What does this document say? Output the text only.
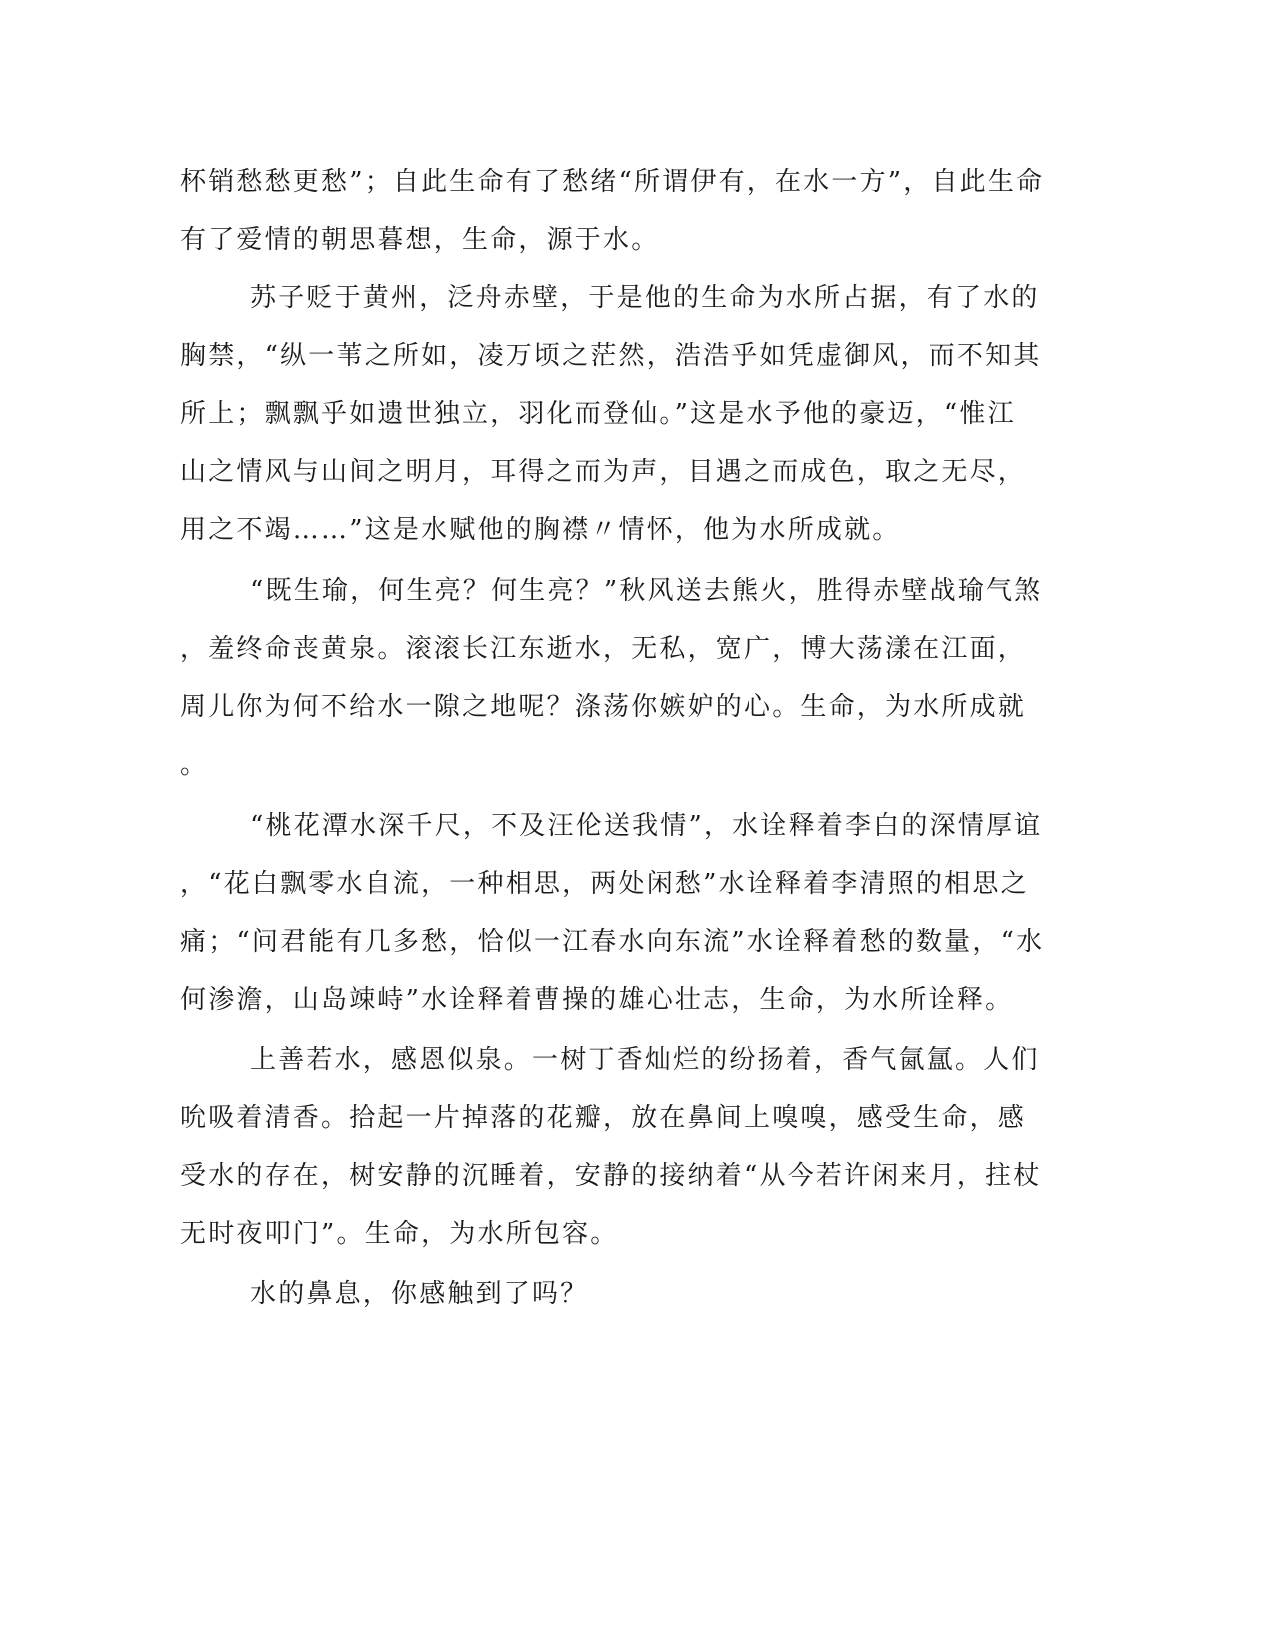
杯销愁愁更愁”；自此生命有了愁绪“所谓伊有，在水一方”，自此生命
有了爱情的朝思暮想，生命，源于水。
苏子贬于黄州，泛舟赤壁，于是他的生命为水所占据，有了水的
胸禁，“纵一苇之所如，凌万顷之茫然，浩浩乎如凭虚御风，而不知其
所上；飘飘乎如遗世独立，羽化而登仙。”这是水予他的豪迈，“惟江
山之情风与山间之明月，耳得之而为声，目遇之而成色，取之无尽，
用之不竭……”这是水赋他的胸襟〃情怀，他为水所成就。
“既生瑜，何生亮？何生亮？”秋风送去熊火，胜得赤壁战瑜气煞
，羞终命丧黄泉。滚滚长江东逝水，无私，宽广，博大荡漾在江面，
周儿你为何不给水一隙之地呢？涤荡你嫉妒的心。生命，为水所成就
。
“桃花潭水深千尺，不及汪伦送我情”，水诠释着李白的深情厚谊
，“花白飘零水自流，一种相思，两处闲愁”水诠释着李清照的相思之
痛；“问君能有几多愁，恰似一江春水向东流”水诠释着愁的数量，“水
何渗澹，山岛竦峙”水诠释着曹操的雄心壮志，生命，为水所诠释。
上善若水，感恩似泉。一树丁香灿烂的纷扬着，香气氤氲。人们
吮吸着清香。拾起一片掉落的花瓣，放在鼻间上嗅嗅，感受生命，感
受水的存在，树安静的沉睡着，安静的接纳着“从今若许闲来月，拄杖
无时夜叩门”。生命，为水所包容。
水的鼻息，你感触到了吗？
